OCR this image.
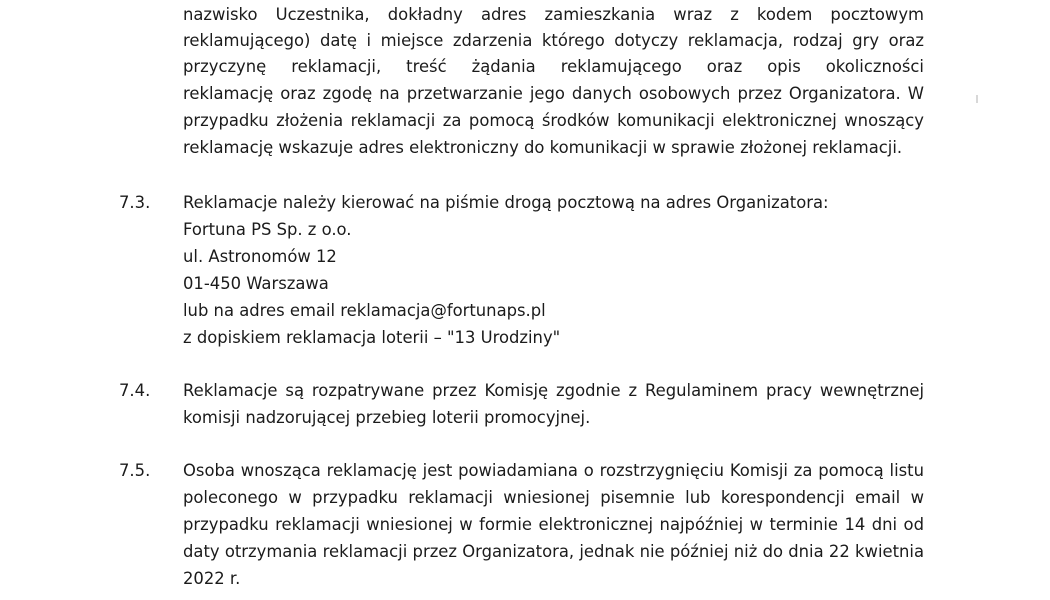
nazwisko Uczestnika, dokładny adres zamieszkania wraz z kodem pocztowym
reklamującego) datę i miejsce zdarzenia którego dotyczy reklamacja, rodzaj gry oraz
przyczynę reklamacji, treść żądania reklamującego oraz opis okoliczności
reklamację oraz zgodę na przetwarzanie jego danych osobowych przez Organizatora. W
przypadku złożenia reklamacji za pomocą środków komunikacji elektronicznej wnoszący
reklamację wskazuje adres elektroniczny do komunikacji w sprawie złożonej reklamacji.
7.3. Reklamacje należy kierować na piśmie drogą pocztową na adres Organizatora:
Fortuna PS Sp. z o.o.
ul. Astronomów 12
01-450 Warszawa
lub na adres email reklamacja@fortunaps.pl
z dopiskiem reklamacja loterii – "13 Urodziny"
7.4. Reklamacje są rozpatrywane przez Komisję zgodnie z Regulaminem pracy wewnętrznej
komisji nadzorującej przebieg loterii promocyjnej.
7.5. Osoba wnosząca reklamację jest powiadamiana o rozstrzygnięciu Komisji za pomocą listu
poleconego w przypadku reklamacji wniesionej pisemnie lub korespondencji email w
przypadku reklamacji wniesionej w formie elektronicznej najpóźniej w terminie 14 dni od
daty otrzymania reklamacji przez Organizatora, jednak nie później niż do dnia 22 kwietnia
2022 r.
